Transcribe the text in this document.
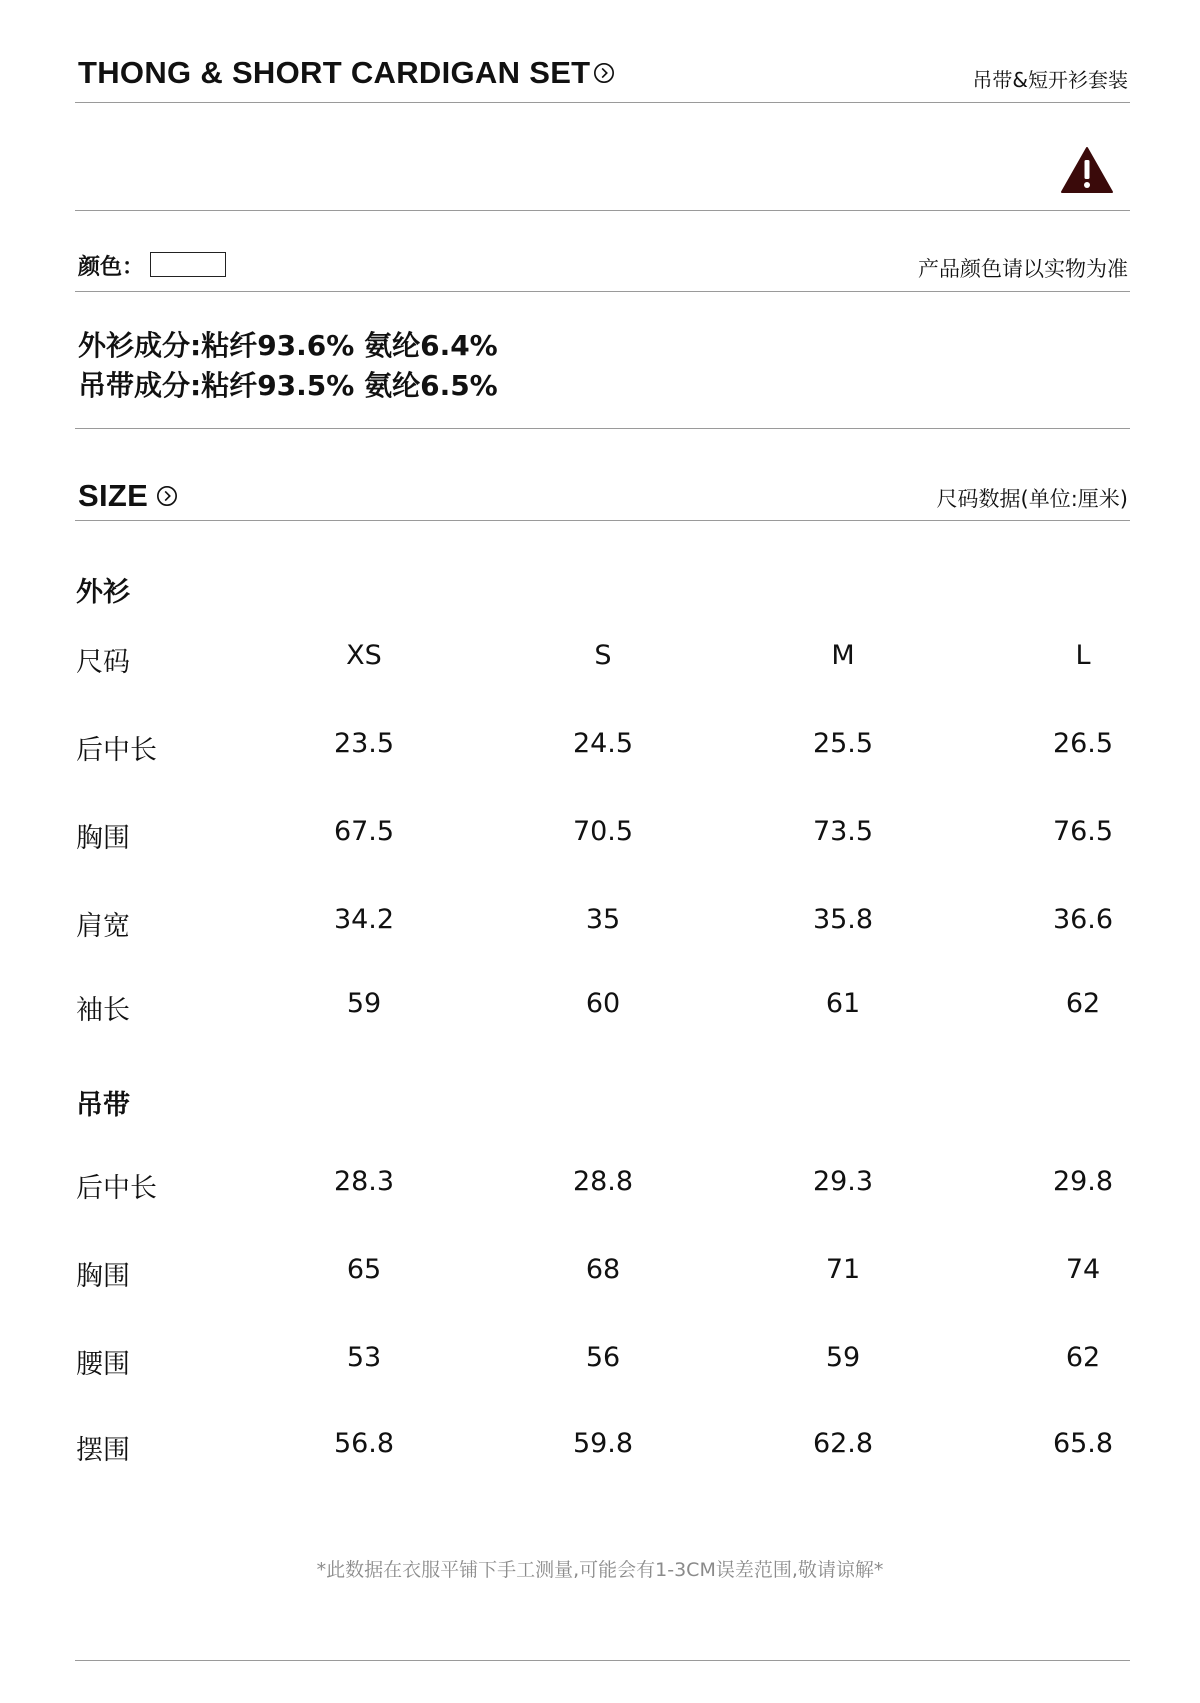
THONG & SHORT CARDIGAN SET	吊带&短开衫套装
颜色：	产品颜色请以实物为准
外衫成分:粘纤93.6% 氨纶6.4%
吊带成分:粘纤93.5% 氨纶6.5%
SIZE	尺码数据(单位:厘米)
外衫
尺码	XS	S	M	L
后中长	23.5	24.5	25.5	26.5
胸围	67.5	70.5	73.5	76.5
肩宽	34.2	35	35.8	36.6
袖长	59	60	61	62
吊带
后中长	28.3	28.8	29.3	29.8
胸围	65	68	71	74
腰围	53	56	59	62
摆围	56.8	59.8	62.8	65.8
*此数据在衣服平铺下手工测量,可能会有1-3CM误差范围,敬请谅解*
